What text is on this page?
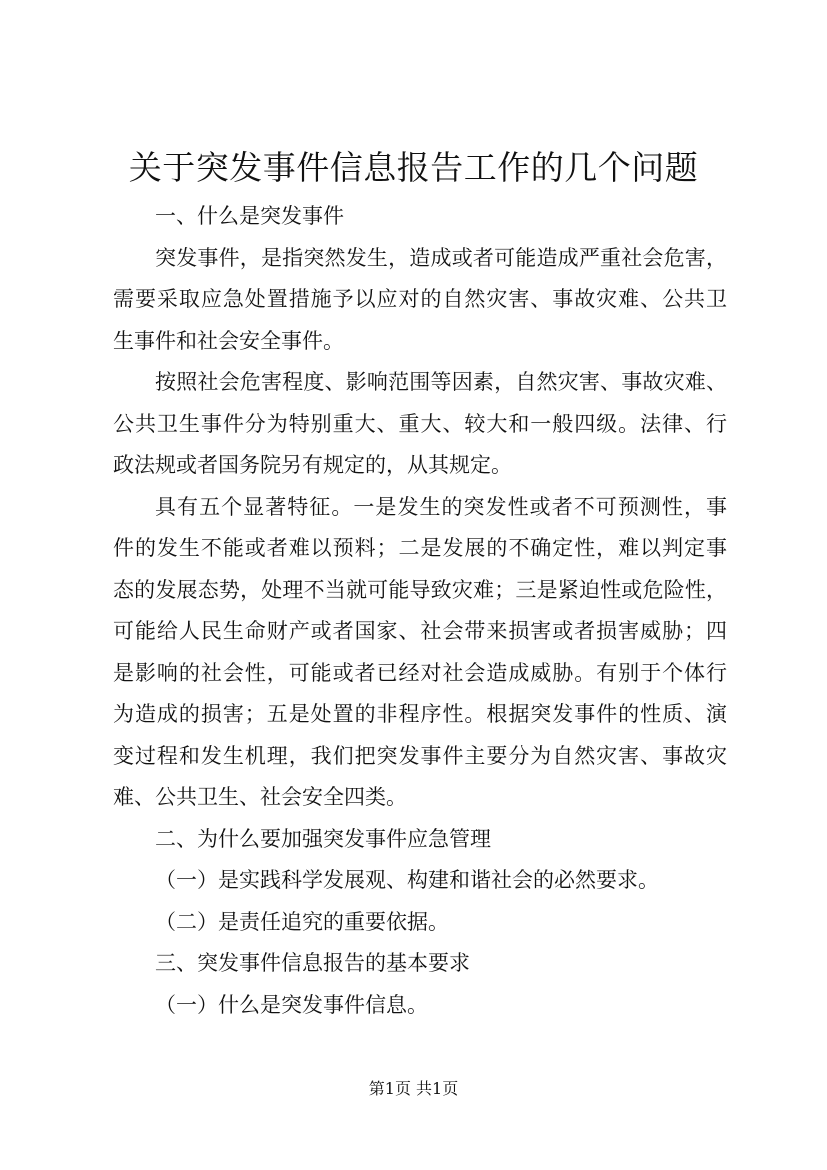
关于突发事件信息报告工作的几个问题
一、什么是突发事件
突发事件，是指突然发生，造成或者可能造成严重社会危害，
需要采取应急处置措施予以应对的自然灾害、事故灾难、公共卫
生事件和社会安全事件。
按照社会危害程度、影响范围等因素，自然灾害、事故灾难、
公共卫生事件分为特别重大、重大、较大和一般四级。法律、行
政法规或者国务院另有规定的，从其规定。
具有五个显著特征。一是发生的突发性或者不可预测性，事
件的发生不能或者难以预料；二是发展的不确定性，难以判定事
态的发展态势，处理不当就可能导致灾难；三是紧迫性或危险性，
可能给人民生命财产或者国家、社会带来损害或者损害威胁；四
是影响的社会性，可能或者已经对社会造成威胁。有别于个体行
为造成的损害；五是处置的非程序性。根据突发事件的性质、演
变过程和发生机理，我们把突发事件主要分为自然灾害、事故灾
难、公共卫生、社会安全四类。
二、为什么要加强突发事件应急管理
（一）是实践科学发展观、构建和谐社会的必然要求。
（二）是责任追究的重要依据。
三、突发事件信息报告的基本要求
（一）什么是突发事件信息。
第1页 共1页
